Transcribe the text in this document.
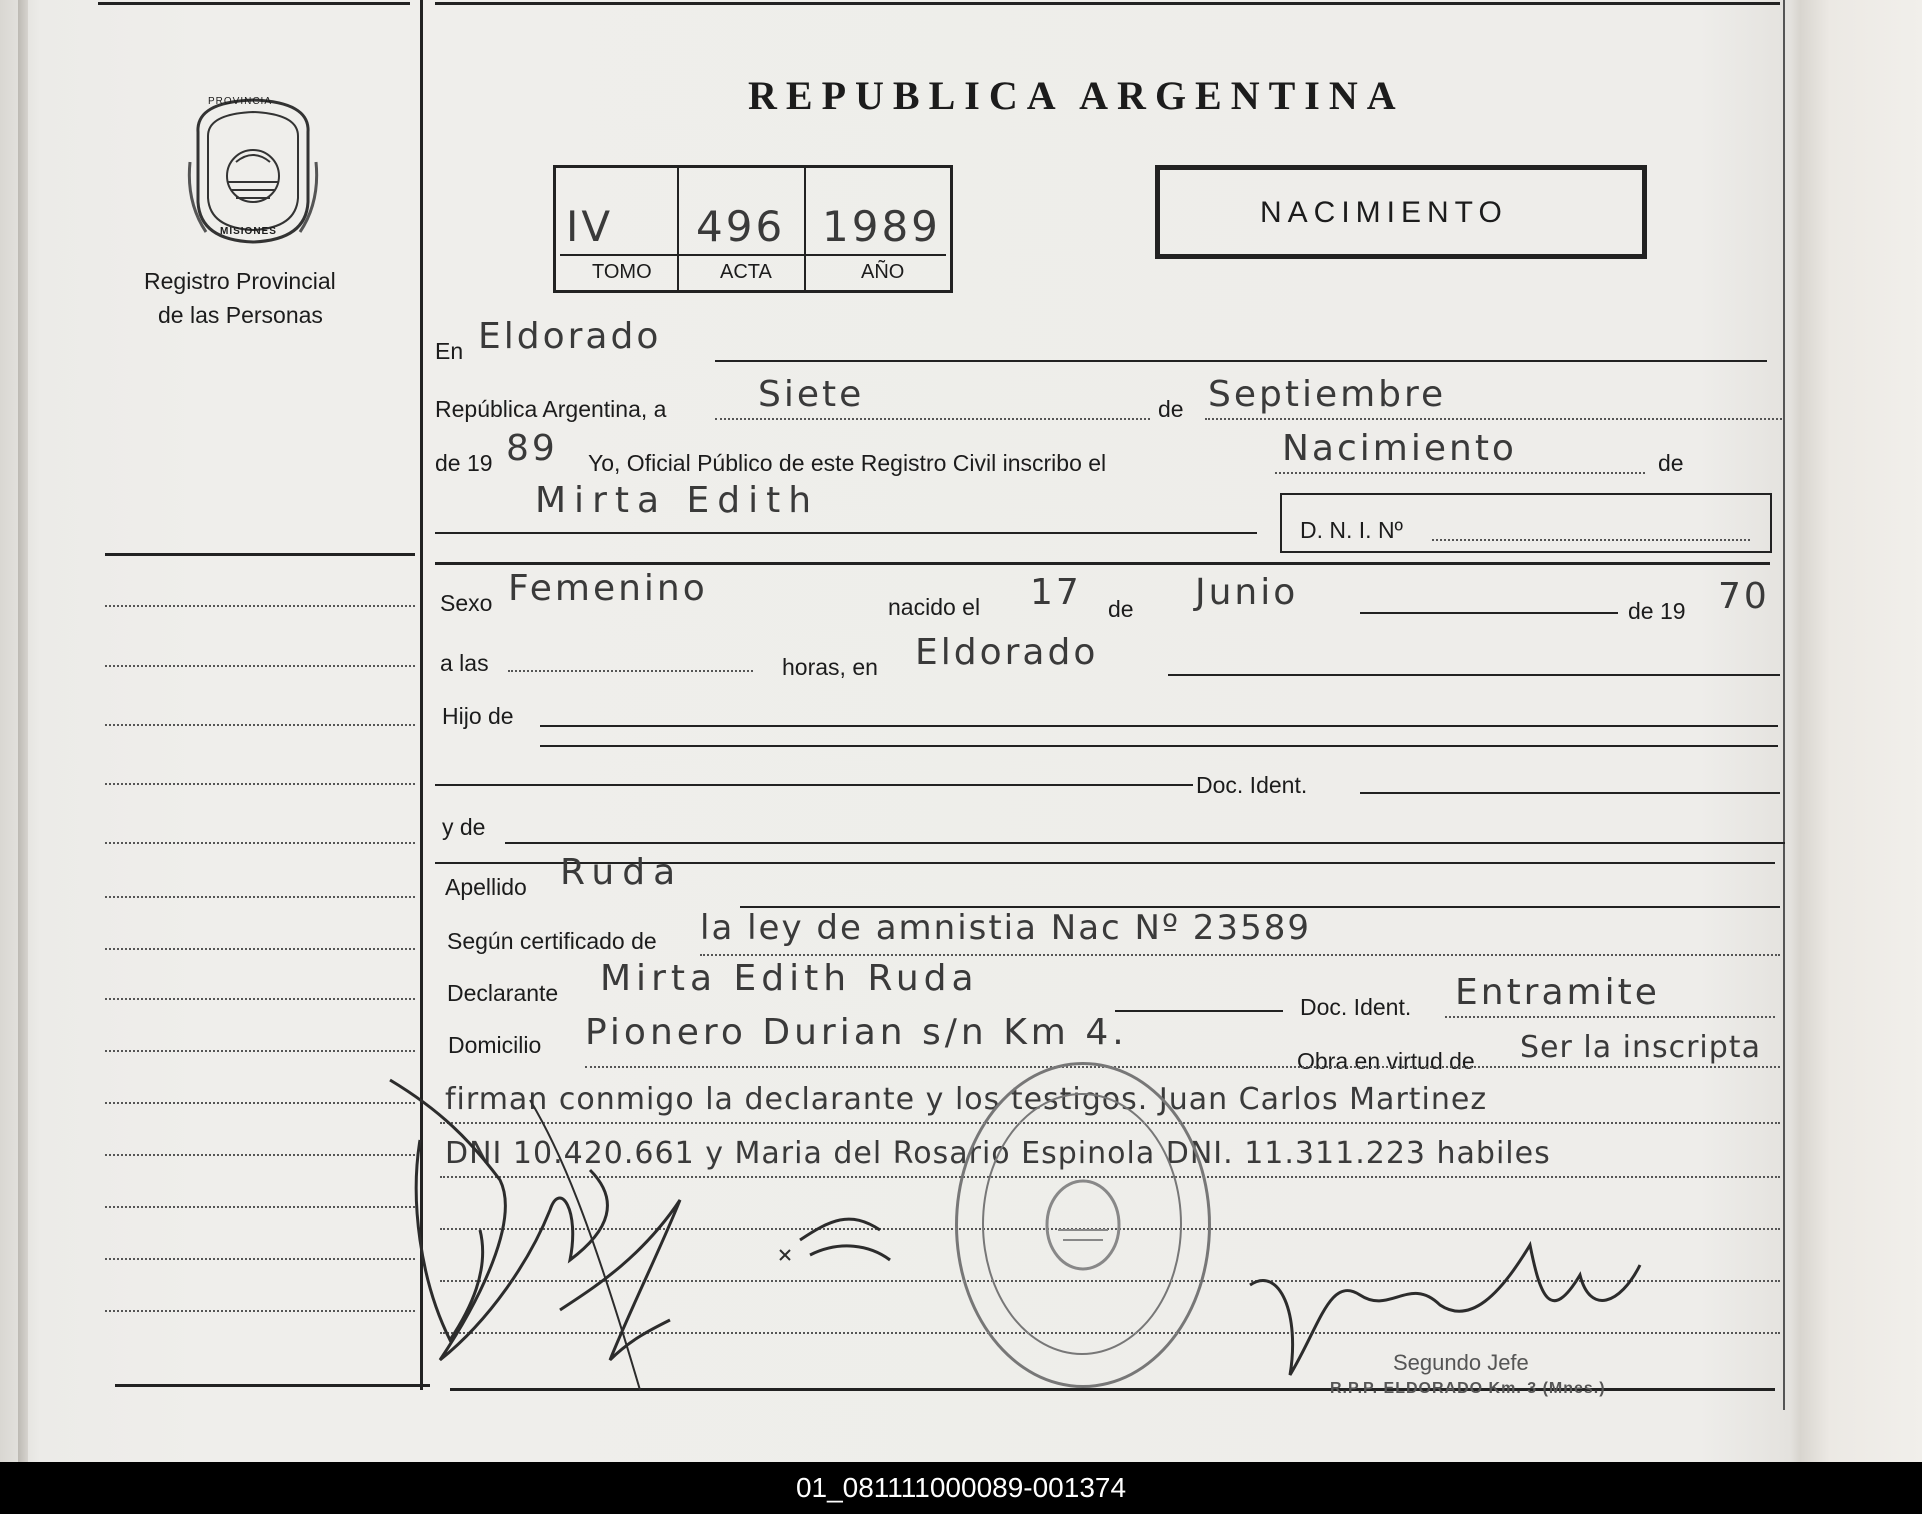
PROVINCIA
MISIONES
Registro Provincial
de las Personas
REPUBLICA ARGENTINA
IV 496 1989
TOMO	ACTA	AÑO
NACIMIENTO
En Eldorado
República Argentina, a	Siete	de Septiembre
de 19 89 Yo, Oficial Público de este Registro Civil inscribo el	Nacimiento	de
Mirta Edith
D. N. I. Nº
Sexo Femenino	nacido el 17 de Junio	de 19 70
a las	horas, en Eldorado
Hijo de
Doc. Ident.
y de
Apellido Ruda
Según certificado de la ley de amnistia Nac Nº 23589
Declarante Mirta Edith Ruda
Doc. Ident. Entramite
Domicilio Pionero Durian s/n Km 4.
Obra en virtud de Ser la inscripta
firman conmigo la declarante y los testigos. Juan Carlos Martinez
DNI 10.420.661 y Maria del Rosario Espinola DNI. 11.311.223 habiles
Segundo Jefe
R.P.P. ELDORADO Km. 3 (Mnes.)
01_081111000089-001374
